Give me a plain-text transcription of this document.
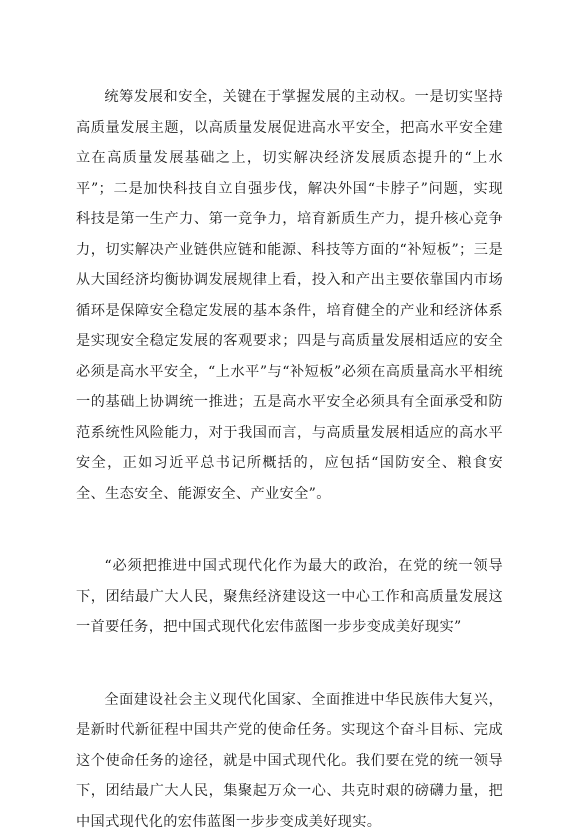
统筹发展和安全，关键在于掌握发展的主动权。一是切实坚持高质量发展主题，以高质量发展促进高水平安全，把高水平安全建立在高质量发展基础之上，切实解决经济发展质态提升的“上水平”；二是加快科技自立自强步伐，解决外国“卡脖子”问题，实现科技是第一生产力、第一竞争力，培育新质生产力，提升核心竞争力，切实解决产业链供应链和能源、科技等方面的“补短板”；三是从大国经济均衡协调发展规律上看，投入和产出主要依靠国内市场循环是保障安全稳定发展的基本条件，培育健全的产业和经济体系是实现安全稳定发展的客观要求；四是与高质量发展相适应的安全必须是高水平安全，“上水平”与“补短板”必须在高质量高水平相统一的基础上协调统一推进；五是高水平安全必须具有全面承受和防范系统性风险能力，对于我国而言，与高质量发展相适应的高水平安全，正如习近平总书记所概括的，应包括“国防安全、粮食安全、生态安全、能源安全、产业安全”。

“必须把推进中国式现代化作为最大的政治，在党的统一领导下，团结最广大人民，聚焦经济建设这一中心工作和高质量发展这一首要任务，把中国式现代化宏伟蓝图一步步变成美好现实”

全面建设社会主义现代化国家、全面推进中华民族伟大复兴，是新时代新征程中国共产党的使命任务。实现这个奋斗目标、完成这个使命任务的途径，就是中国式现代化。我们要在党的统一领导下，团结最广大人民，集聚起万众一心、共克时艰的磅礴力量，把中国式现代化的宏伟蓝图一步步变成美好现实。
